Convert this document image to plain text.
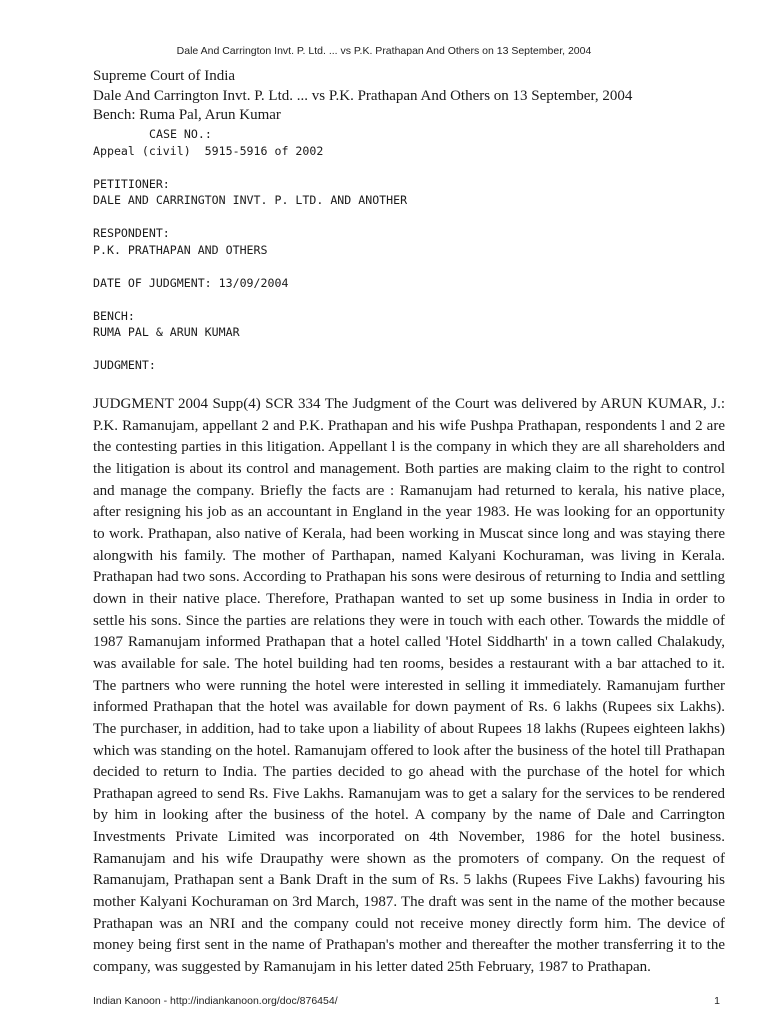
Dale And Carrington Invt. P. Ltd. ... vs P.K. Prathapan And Others on 13 September, 2004
Supreme Court of India
Dale And Carrington Invt. P. Ltd. ... vs P.K. Prathapan And Others on 13 September, 2004
Bench: Ruma Pal, Arun Kumar
CASE NO.:
Appeal (civil)  5915-5916 of 2002
PETITIONER:
DALE AND CARRINGTON INVT. P. LTD. AND ANOTHER
RESPONDENT:
P.K. PRATHAPAN AND OTHERS
DATE OF JUDGMENT: 13/09/2004
BENCH:
RUMA PAL & ARUN KUMAR
JUDGMENT:

JUDGMENT 2004 Supp(4) SCR 334 The Judgment of the Court was delivered by ARUN KUMAR, J.: P.K. Ramanujam, appellant 2 and P.K. Prathapan and his wife Pushpa Prathapan, respondents l and 2 are the contesting parties in this litigation. Appellant l is the company in which they are all shareholders and the litigation is about its control and management. Both parties are making claim to the right to control and manage the company. Briefly the facts are : Ramanujam had returned to kerala, his native place, after resigning his job as an accountant in England in the year 1983. He was looking for an opportunity to work. Prathapan, also native of Kerala, had been working in Muscat since long and was staying there alongwith his family. The mother of Parthapan, named Kalyani Kochuraman, was living in Kerala. Prathapan had two sons. According to Prathapan his sons were desirous of returning to India and settling down in their native place. Therefore, Prathapan wanted to set up some business in India in order to settle his sons. Since the parties are relations they were in touch with each other. Towards the middle of 1987 Ramanujam informed Prathapan that a hotel called 'Hotel Siddharth' in a town called Chalakudy, was available for sale. The hotel building had ten rooms, besides a restaurant with a bar attached to it. The partners who were running the hotel were interested in selling it immediately. Ramanujam further informed Prathapan that the hotel was available for down payment of Rs. 6 lakhs (Rupees six Lakhs). The purchaser, in addition, had to take upon a liability of about Rupees 18 lakhs (Rupees eighteen lakhs) which was standing on the hotel. Ramanujam offered to look after the business of the hotel till Prathapan decided to return to India. The parties decided to go ahead with the purchase of the hotel for which Prathapan agreed to send Rs. Five Lakhs. Ramanujam was to get a salary for the services to be rendered by him in looking after the business of the hotel. A company by the name of Dale and Carrington Investments Private Limited was incorporated on 4th November, 1986 for the hotel business. Ramanujam and his wife Draupathy were shown as the promoters of company. On the request of Ramanujam, Prathapan sent a Bank Draft in the sum of Rs. 5 lakhs (Rupees Five Lakhs) favouring his mother Kalyani Kochuraman on 3rd March, 1987. The draft was sent in the name of the mother because Prathapan was an NRI and the company could not receive money directly form him. The device of money being first sent in the name of Prathapan's mother and thereafter the mother transferring it to the company, was suggested by Ramanujam in his letter dated 25th February, 1987 to Prathapan.

Indian Kanoon - http://indiankanoon.org/doc/876454/	1
